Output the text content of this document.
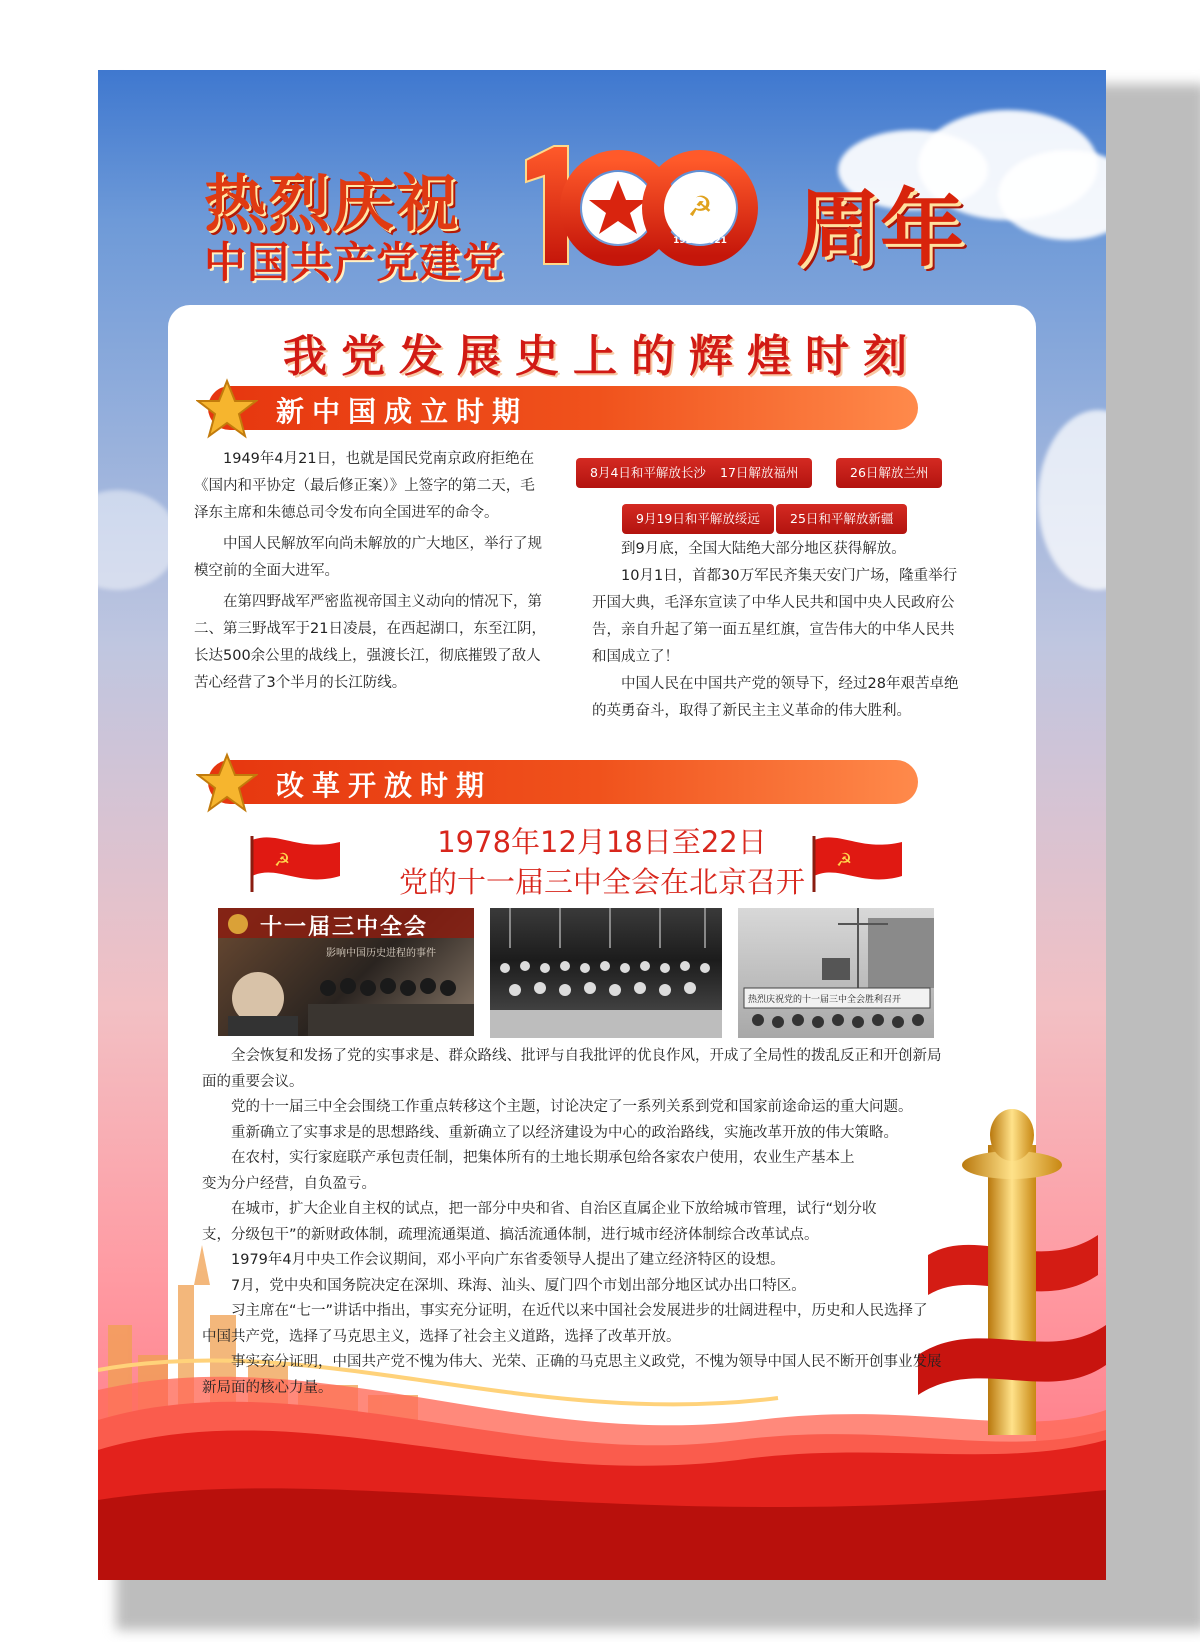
热烈庆祝
中国共产党建党
☭
1921-2021 周年
我党发展史上的辉煌时刻
新中国成立时期

1949年4月21日，也就是国民党南京政府拒绝在《国内和平协定（最后修正案）》上签字的第二天，毛泽东主席和朱德总司令发布向全国进军的命令。

中国人民解放军向尚未解放的广大地区，举行了规模空前的全面大进军。

在第四野战军严密监视帝国主义动向的情况下，第二、第三野战军于21日凌晨，在西起湖口，东至江阴，长达500余公里的战线上，强渡长江，彻底摧毁了敌人苦心经营了3个半月的长江防线。

8月4日和平解放长沙	17日解放福州	26日解放兰州
9月19日和平解放绥远	25日和平解放新疆

到9月底，全国大陆绝大部分地区获得解放。

10月1日，首都30万军民齐集天安门广场，隆重举行开国大典，毛泽东宣读了中华人民共和国中央人民政府公告，亲自升起了第一面五星红旗，宣告伟大的中华人民共和国成立了！

中国人民在中国共产党的领导下，经过28年艰苦卓绝的英勇奋斗，取得了新民主主义革命的伟大胜利。

改革开放时期
☭	☭
1978年12月18日至22日
党的十一届三中全会在北京召开
十一届三中全会
影响中国历史进程的事件
热烈庆祝党的十一届三中全会胜利召开

全会恢复和发扬了党的实事求是、群众路线、批评与自我批评的优良作风，开成了全局性的拨乱反正和开创新局面的重要会议。

党的十一届三中全会围绕工作重点转移这个主题，讨论决定了一系列关系到党和国家前途命运的重大问题。

重新确立了实事求是的思想路线、重新确立了以经济建设为中心的政治路线，实施改革开放的伟大策略。

在农村，实行家庭联产承包责任制，把集体所有的土地长期承包给各家农户使用，农业生产基本上变为分户经营，自负盈亏。

在城市，扩大企业自主权的试点，把一部分中央和省、自治区直属企业下放给城市管理，试行“划分收支，分级包干”的新财政体制，疏理流通渠道、搞活流通体制，进行城市经济体制综合改革试点。

1979年4月中央工作会议期间，邓小平向广东省委领导人提出了建立经济特区的设想。

7月，党中央和国务院决定在深圳、珠海、汕头、厦门四个市划出部分地区试办出口特区。

习主席在“七一”讲话中指出，事实充分证明，在近代以来中国社会发展进步的壮阔进程中，历史和人民选择了中国共产党，选择了马克思主义，选择了社会主义道路，选择了改革开放。

事实充分证明，中国共产党不愧为伟大、光荣、正确的马克思主义政党，不愧为领导中国人民不断开创事业发展新局面的核心力量。
